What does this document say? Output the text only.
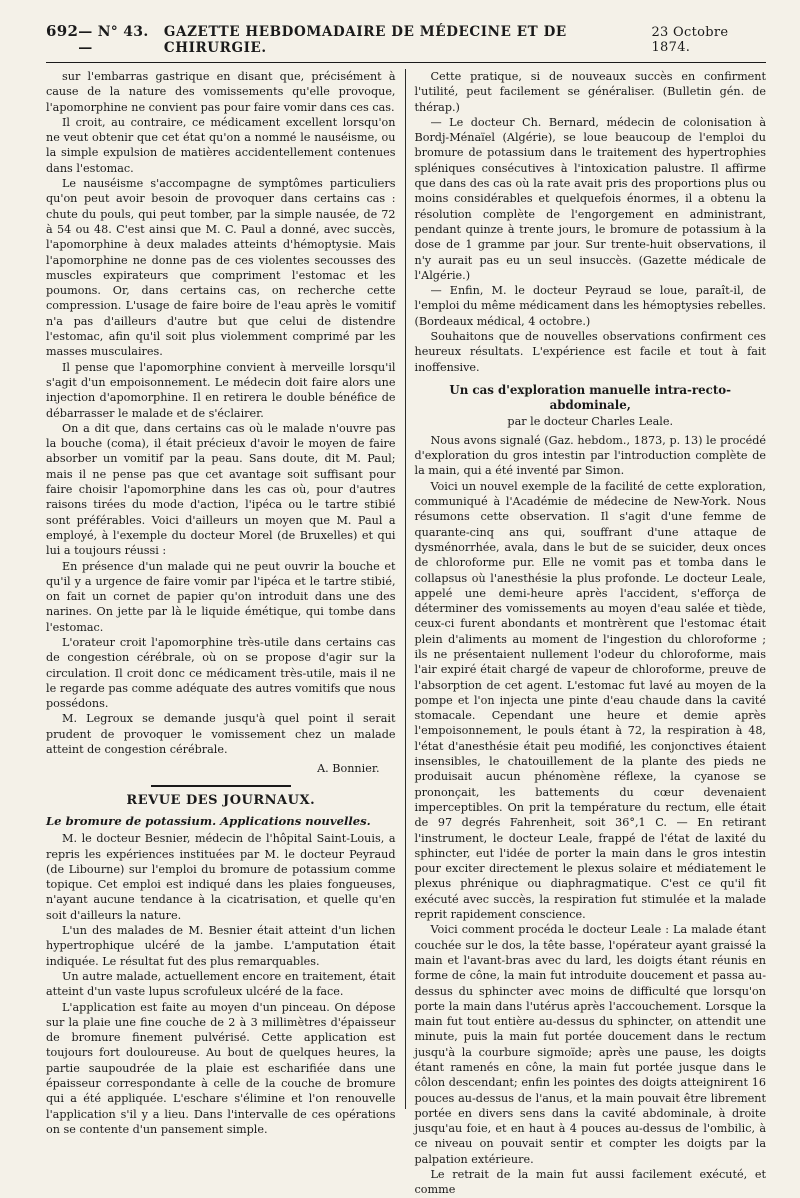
692 — N° 43. —
GAZETTE HEBDOMADAIRE DE MÉDECINE ET DE CHIRURGIE.
23 Octobre 1874.

sur l'embarras gastrique en disant que, précisément à cause de la nature des vomissements qu'elle provoque, l'apomorphine ne convient pas pour faire vomir dans ces cas.

Il croit, au contraire, ce médicament excellent lorsqu'on ne veut obtenir que cet état qu'on a nommé le nauséisme, ou la simple expulsion de matières accidentellement contenues dans l'estomac.

Le nauséisme s'accompagne de symptômes particuliers qu'on peut avoir besoin de provoquer dans certains cas : chute du pouls, qui peut tomber, par la simple nausée, de 72 à 54 ou 48. C'est ainsi que M. C. Paul a donné, avec succès, l'apomorphine à deux malades atteints d'hémoptysie. Mais l'apomorphine ne donne pas de ces violentes secousses des muscles expirateurs que compriment l'estomac et les poumons. Or, dans certains cas, on recherche cette compression. L'usage de faire boire de l'eau après le vomitif n'a pas d'ailleurs d'autre but que celui de distendre l'estomac, afin qu'il soit plus violemment comprimé par les masses musculaires.

Il pense que l'apomorphine convient à merveille lorsqu'il s'agit d'un empoisonnement. Le médecin doit faire alors une injection d'apomorphine. Il en retirera le double bénéfice de débarrasser le malade et de s'éclairer.

On a dit que, dans certains cas où le malade n'ouvre pas la bouche (coma), il était précieux d'avoir le moyen de faire absorber un vomitif par la peau. Sans doute, dit M. Paul; mais il ne pense pas que cet avantage soit suffisant pour faire choisir l'apomorphine dans les cas où, pour d'autres raisons tirées du mode d'action, l'ipéca ou le tartre stibié sont préférables. Voici d'ailleurs un moyen que M. Paul a employé, à l'exemple du docteur Morel (de Bruxelles) et qui lui a toujours réussi :

En présence d'un malade qui ne peut ouvrir la bouche et qu'il y a urgence de faire vomir par l'ipéca et le tartre stibié, on fait un cornet de papier qu'on introduit dans une des narines. On jette par là le liquide émétique, qui tombe dans l'estomac.

L'orateur croit l'apomorphine très-utile dans certains cas de congestion cérébrale, où on se propose d'agir sur la circulation. Il croit donc ce médicament très-utile, mais il ne le regarde pas comme adéquate des autres vomitifs que nous possédons.

M. Legroux se demande jusqu'à quel point il serait prudent de provoquer le vomissement chez un malade atteint de congestion cérébrale.

A. Bonnier.
REVUE DES JOURNAUX.
Le bromure de potassium. Applications nouvelles.

M. le docteur Besnier, médecin de l'hôpital Saint-Louis, a repris les expériences instituées par M. le docteur Peyraud (de Libourne) sur l'emploi du bromure de potassium comme topique. Cet emploi est indiqué dans les plaies fongueuses, n'ayant aucune tendance à la cicatrisation, et quelle qu'en soit d'ailleurs la nature.

L'un des malades de M. Besnier était atteint d'un lichen hypertrophique ulcéré de la jambe. L'amputation était indiquée. Le résultat fut des plus remarquables.

Un autre malade, actuellement encore en traitement, était atteint d'un vaste lupus scrofuleux ulcéré de la face.

L'application est faite au moyen d'un pinceau. On dépose sur la plaie une fine couche de 2 à 3 millimètres d'épaisseur de bromure finement pulvérisé. Cette application est toujours fort douloureuse. Au bout de quelques heures, la partie saupoudrée de la plaie est escharifiée dans une épaisseur correspondante à celle de la couche de bromure qui a été appliquée. L'eschare s'élimine et l'on renouvelle l'application s'il y a lieu. Dans l'intervalle de ces opérations on se contente d'un pansement simple.

Cette pratique, si de nouveaux succès en confirment l'utilité, peut facilement se généraliser. (Bulletin gén. de thérap.)

— Le docteur Ch. Bernard, médecin de colonisation à Bordj-Ménaïel (Algérie), se loue beaucoup de l'emploi du bromure de potassium dans le traitement des hypertrophies spléniques consécutives à l'intoxication palustre. Il affirme que dans des cas où la rate avait pris des proportions plus ou moins considérables et quelquefois énormes, il a obtenu la résolution complète de l'engorgement en administrant, pendant quinze à trente jours, le bromure de potassium à la dose de 1 gramme par jour. Sur trente-huit observations, il n'y aurait pas eu un seul insuccès. (Gazette médicale de l'Algérie.)

— Enfin, M. le docteur Peyraud se loue, paraît-il, de l'emploi du même médicament dans les hémoptysies rebelles. (Bordeaux médical, 4 octobre.)

Souhaitons que de nouvelles observations confirment ces heureux résultats. L'expérience est facile et tout à fait inoffensive.

Un cas d'exploration manuelle intra-recto-abdominale,
par le docteur Charles Leale.

Nous avons signalé (Gaz. hebdom., 1873, p. 13) le procédé d'exploration du gros intestin par l'introduction complète de la main, qui a été inventé par Simon.

Voici un nouvel exemple de la facilité de cette exploration, communiqué à l'Académie de médecine de New-York. Nous résumons cette observation. Il s'agit d'une femme de quarante-cinq ans qui, souffrant d'une attaque de dysménorrhée, avala, dans le but de se suicider, deux onces de chloroforme pur. Elle ne vomit pas et tomba dans le collapsus où l'anesthésie la plus profonde. Le docteur Leale, appelé une demi-heure après l'accident, s'efforça de déterminer des vomissements au moyen d'eau salée et tiède, ceux-ci furent abondants et montrèrent que l'estomac était plein d'aliments au moment de l'ingestion du chloroforme ; ils ne présentaient nullement l'odeur du chloroforme, mais l'air expiré était chargé de vapeur de chloroforme, preuve de l'absorption de cet agent. L'estomac fut lavé au moyen de la pompe et l'on injecta une pinte d'eau chaude dans la cavité stomacale. Cependant une heure et demie après l'empoisonnement, le pouls étant à 72, la respiration à 48, l'état d'anesthésie était peu modifié, les conjonctives étaient insensibles, le chatouillement de la plante des pieds ne produisait aucun phénomène réflexe, la cyanose se prononçait, les battements du cœur devenaient imperceptibles. On prit la température du rectum, elle était de 97 degrés Fahrenheit, soit 36°,1 C. — En retirant l'instrument, le docteur Leale, frappé de l'état de laxité du sphincter, eut l'idée de porter la main dans le gros intestin pour exciter directement le plexus solaire et médiatement le plexus phrénique ou diaphragmatique. C'est ce qu'il fit exécuté avec succès, la respiration fut stimulée et la malade reprit rapidement conscience.

Voici comment procéda le docteur Leale : La malade étant couchée sur le dos, la tête basse, l'opérateur ayant graissé la main et l'avant-bras avec du lard, les doigts étant réunis en forme de cône, la main fut introduite doucement et passa au-dessus du sphincter avec moins de difficulté que lorsqu'on porte la main dans l'utérus après l'accouchement. Lorsque la main fut tout entière au-dessus du sphincter, on attendit une minute, puis la main fut portée doucement dans le rectum jusqu'à la courbure sigmoïde; après une pause, les doigts étant ramenés en cône, la main fut portée jusque dans le côlon descendant; enfin les pointes des doigts atteignirent 16 pouces au-dessus de l'anus, et la main pouvait être librement portée en divers sens dans la cavité abdominale, à droite jusqu'au foie, et en haut à 4 pouces au-dessus de l'ombilic, à ce niveau on pouvait sentir et compter les doigts par la palpation extérieure.

Le retrait de la main fut aussi facilement exécuté, et comme
